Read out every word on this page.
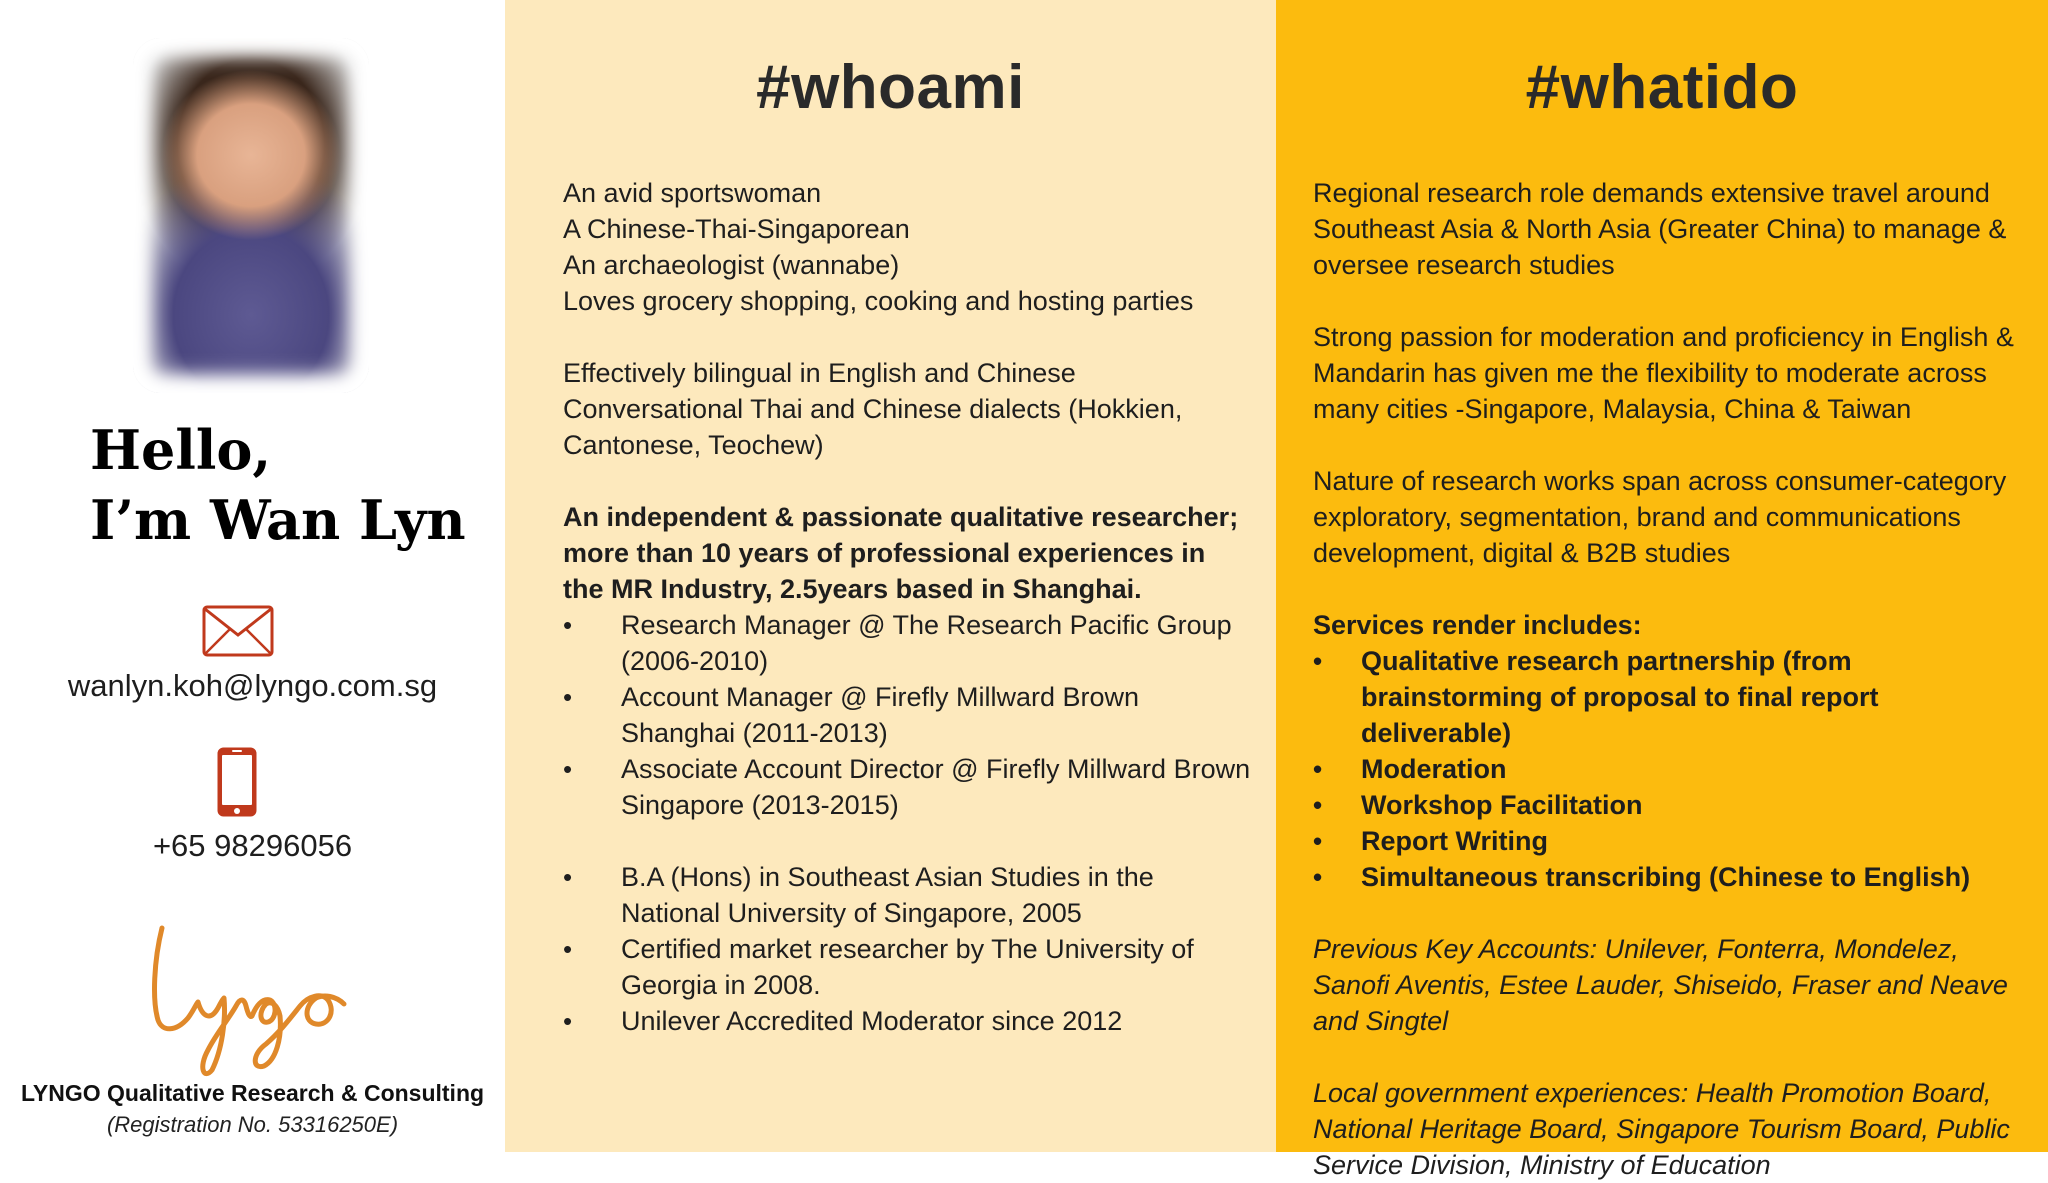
Hello,
I’m Wan Lyn
wanlyn.koh@lyngo.com.sg
+65 98296056
LYNGO Qualitative Research & Consulting
(Registration No. 53316250E)
#whoami
An avid sportswoman
A Chinese-Thai-Singaporean
An archaeologist (wannabe)
Loves grocery shopping, cooking and hosting parties
Effectively bilingual in English and Chinese
Conversational Thai and Chinese dialects (Hokkien, Cantonese, Teochew)
An independent & passionate qualitative researcher; more than 10 years of professional experiences in the MR Industry, 2.5years based in Shanghai.
• Research Manager @ The Research Pacific Group (2006-2010)
• Account Manager @ Firefly Millward Brown Shanghai (2011-2013)
• Associate Account Director @ Firefly Millward Brown Singapore (2013-2015)
• B.A (Hons) in Southeast Asian Studies in the National University of Singapore, 2005
• Certified market researcher by The University of Georgia in 2008.
• Unilever Accredited Moderator since 2012
#whatido
Regional research role demands extensive travel around Southeast Asia & North Asia (Greater China) to manage & oversee research studies
Strong passion for moderation and proficiency in English & Mandarin has given me the flexibility to moderate across many cities -Singapore, Malaysia, China & Taiwan
Nature of research works span across consumer-category exploratory, segmentation, brand and communications development, digital & B2B studies
Services render includes:
• Qualitative research partnership (from brainstorming of proposal to final report deliverable)
• Moderation
• Workshop Facilitation
• Report Writing
• Simultaneous transcribing (Chinese to English)
Previous Key Accounts: Unilever, Fonterra, Mondelez, Sanofi Aventis, Estee Lauder, Shiseido, Fraser and Neave and Singtel
Local government experiences: Health Promotion Board, National Heritage Board, Singapore Tourism Board, Public Service Division, Ministry of Education
